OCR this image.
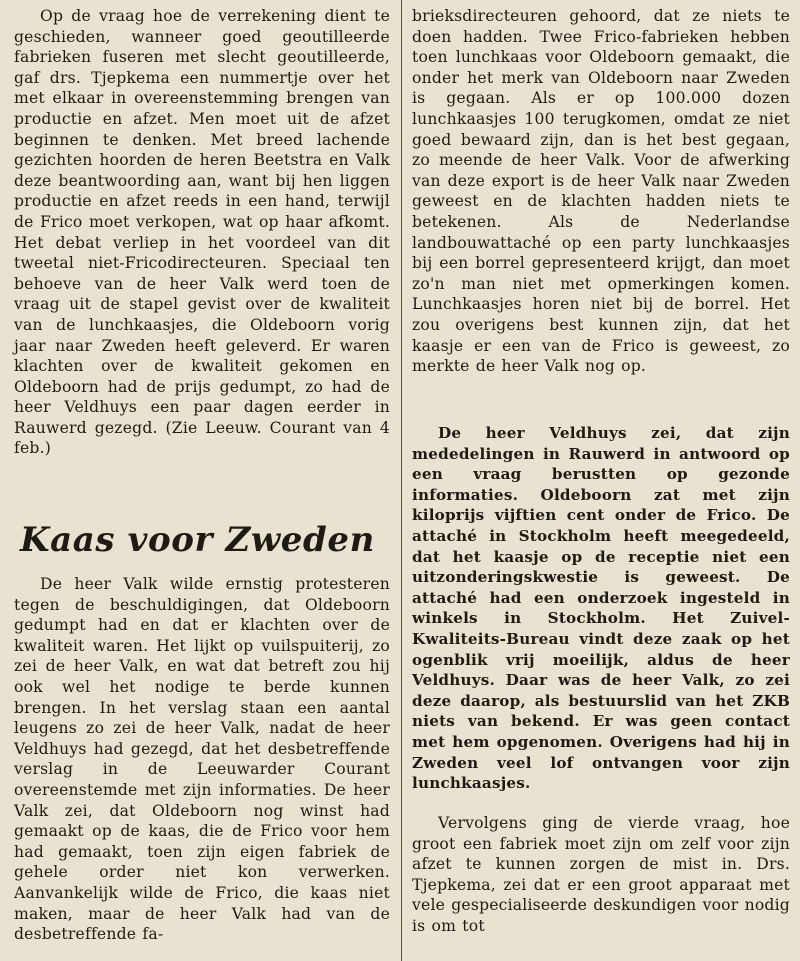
Op de vraag hoe de verrekening dient te geschieden, wanneer goed geoutilleerde fabrieken fuseren met slecht geoutilleerde, gaf drs. Tjepkema een nummertje over het met elkaar in overeenstemming brengen van productie en afzet. Men moet uit de afzet beginnen te denken. Met breed lachende gezichten hoorden de heren Beetstra en Valk deze beantwoording aan, want bij hen liggen productie en afzet reeds in een hand, terwijl de Frico moet verkopen, wat op haar afkomt. Het debat verliep in het voordeel van dit tweetal niet-Fricodirecteuren. Speciaal ten behoeve van de heer Valk werd toen de vraag uit de stapel gevist over de kwaliteit van de lunchkaasjes, die Oldeboorn vorig jaar naar Zweden heeft geleverd. Er waren klachten over de kwaliteit gekomen en Oldeboorn had de prijs gedumpt, zo had de heer Veldhuys een paar dagen eerder in Rauwerd gezegd. (Zie Leeuw. Courant van 4 feb.)

Kaas voor Zweden

De heer Valk wilde ernstig protesteren tegen de beschuldigingen, dat Oldeboorn gedumpt had en dat er klachten over de kwaliteit waren. Het lijkt op vuilspuiterij, zo zei de heer Valk, en wat dat betreft zou hij ook wel het nodige te berde kunnen brengen. In het verslag staan een aantal leugens zo zei de heer Valk, nadat de heer Veldhuys had gezegd, dat het desbetreffende verslag in de Leeuwarder Courant overeenstemde met zijn informaties. De heer Valk zei, dat Oldeboorn nog winst had gemaakt op de kaas, die de Frico voor hem had gemaakt, toen zijn eigen fabriek de gehele order niet kon verwerken. Aanvankelijk wilde de Frico, die kaas niet maken, maar de heer Valk had van de desbetreffende fa-

brieksdirecteuren gehoord, dat ze niets te doen hadden. Twee Frico-fabrieken hebben toen lunchkaas voor Oldeboorn gemaakt, die onder het merk van Oldeboorn naar Zweden is gegaan. Als er op 100.000 dozen lunchkaasjes 100 terugkomen, omdat ze niet goed bewaard zijn, dan is het best gegaan, zo meende de heer Valk. Voor de afwerking van deze export is de heer Valk naar Zweden geweest en de klachten hadden niets te betekenen. Als de Nederlandse landbouwattaché op een party lunchkaasjes bij een borrel gepresenteerd krijgt, dan moet zo'n man niet met opmerkingen komen. Lunchkaasjes horen niet bij de borrel. Het zou overigens best kunnen zijn, dat het kaasje er een van de Frico is geweest, zo merkte de heer Valk nog op.

De heer Veldhuys zei, dat zijn mededelingen in Rauwerd in antwoord op een vraag berustten op gezonde informaties. Oldeboorn zat met zijn kiloprijs vijftien cent onder de Frico. De attaché in Stockholm heeft meegedeeld, dat het kaasje op de receptie niet een uitzonderingskwestie is geweest. De attaché had een onderzoek ingesteld in winkels in Stockholm. Het Zuivel-Kwaliteits-Bureau vindt deze zaak op het ogenblik vrij moeilijk, aldus de heer Veldhuys. Daar was de heer Valk, zo zei deze daarop, als bestuurslid van het ZKB niets van bekend. Er was geen contact met hem opgenomen. Overigens had hij in Zweden veel lof ontvangen voor zijn lunchkaasjes.

Vervolgens ging de vierde vraag, hoe groot een fabriek moet zijn om zelf voor zijn afzet te kunnen zorgen de mist in. Drs. Tjepkema, zei dat er een groot apparaat met vele gespecialiseerde deskundigen voor nodig is om tot
